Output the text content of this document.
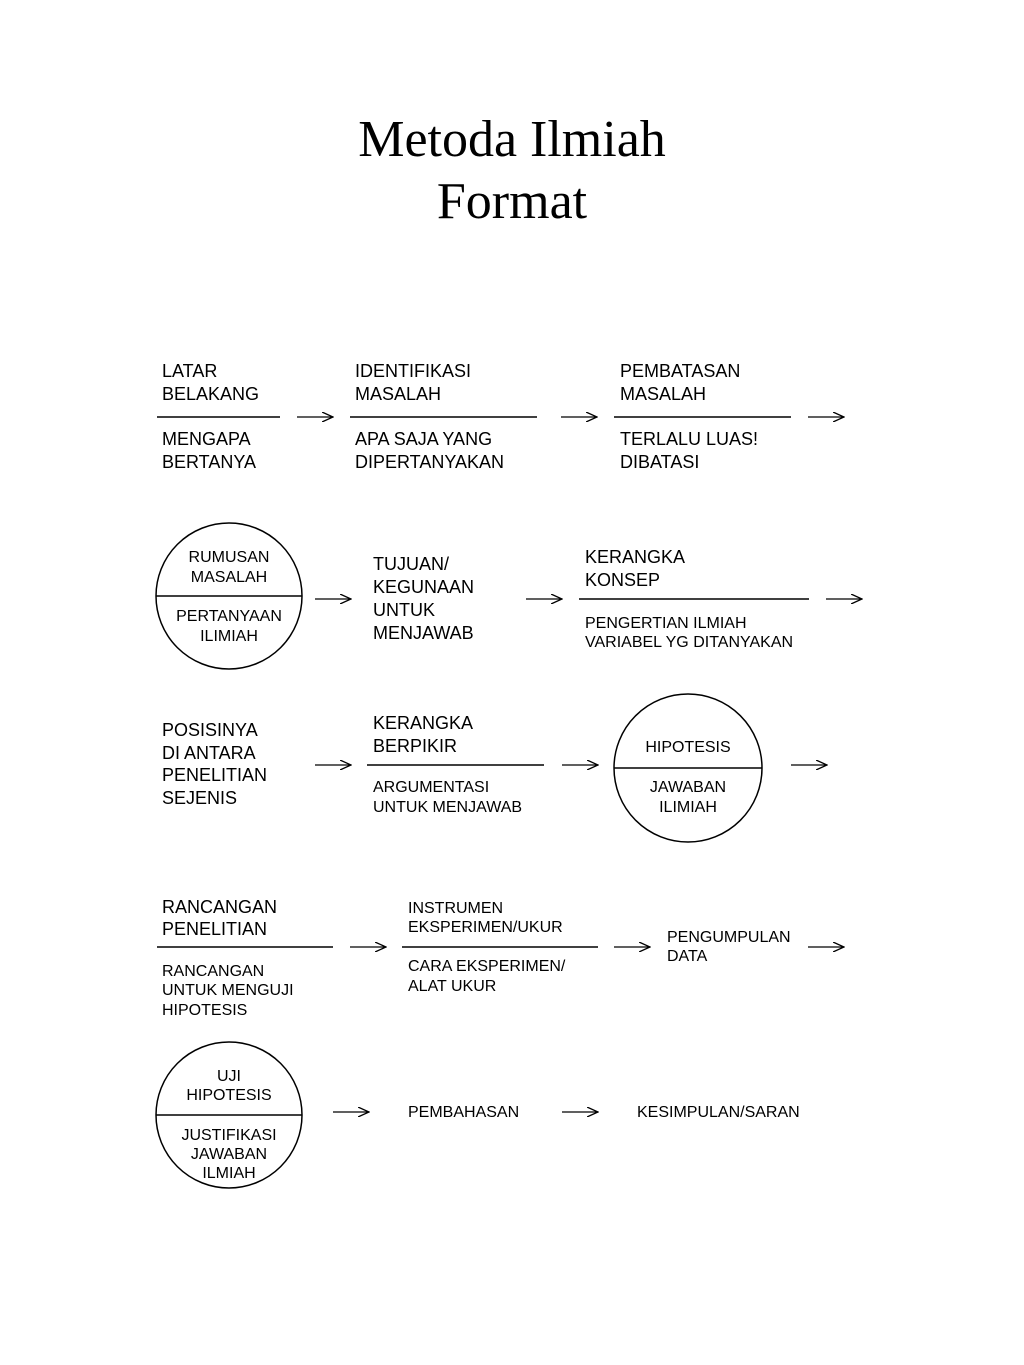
Metoda Ilmiah
Format
LATAR
BELAKANG
MENGAPA
BERTANYA
IDENTIFIKASI
MASALAH
APA SAJA YANG
DIPERTANYAKAN
PEMBATASAN
MASALAH
TERLALU LUAS!
DIBATASI
RUMUSAN
MASALAH
PERTANYAAN
ILIMIAH
TUJUAN/
KEGUNAAN
UNTUK
MENJAWAB
KERANGKA
KONSEP
PENGERTIAN ILMIAH
VARIABEL YG DITANYAKAN
POSISINYA
DI ANTARA
PENELITIAN
SEJENIS
KERANGKA
BERPIKIR
ARGUMENTASI
UNTUK MENJAWAB
HIPOTESIS
JAWABAN
ILIMIAH
RANCANGAN
PENELITIAN
RANCANGAN
UNTUK MENGUJI
HIPOTESIS
INSTRUMEN
EKSPERIMEN/UKUR
CARA EKSPERIMEN/
ALAT UKUR
PENGUMPULAN
DATA
UJI
HIPOTESIS
JUSTIFIKASI
JAWABAN
ILMIAH
PEMBAHASAN	KESIMPULAN/SARAN
